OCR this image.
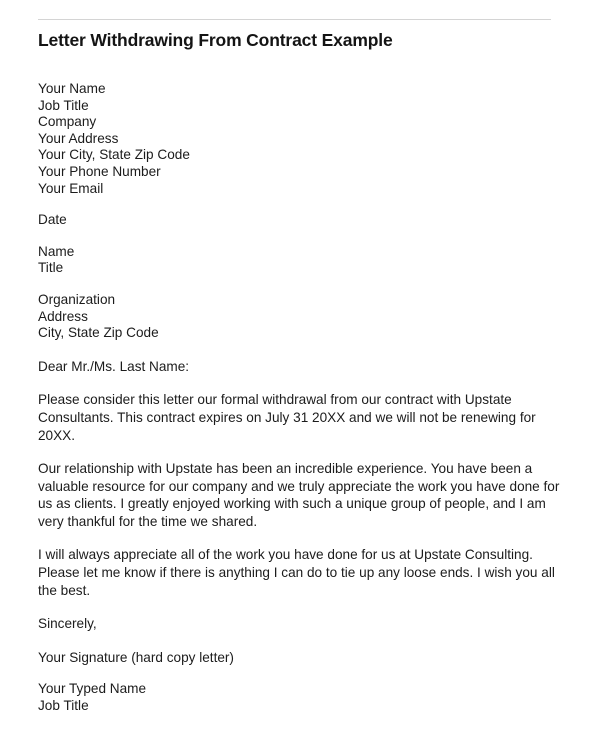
Letter Withdrawing From Contract Example
Your Name
Job Title
Company
Your Address
Your City, State Zip Code
Your Phone Number
Your Email
Date
Name
Title
Organization
Address
City, State Zip Code
Dear Mr./Ms. Last Name:
Please consider this letter our formal withdrawal from our contract with Upstate Consultants. This contract expires on July 31 20XX and we will not be renewing for 20XX.
Our relationship with Upstate has been an incredible experience. You have been a valuable resource for our company and we truly appreciate the work you have done for us as clients. I greatly enjoyed working with such a unique group of people, and I am very thankful for the time we shared.
I will always appreciate all of the work you have done for us at Upstate Consulting. Please let me know if there is anything I can do to tie up any loose ends. I wish you all the best.
Sincerely,
Your Signature (hard copy letter)
Your Typed Name
Job Title
